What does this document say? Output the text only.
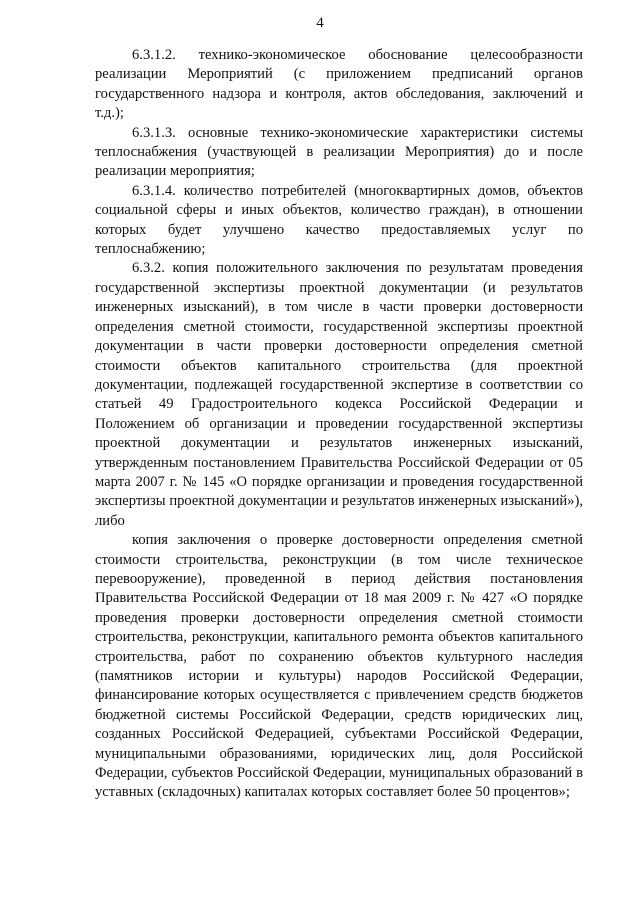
4

6.3.1.2. технико-экономическое обоснование целесообразности реализации Мероприятий (с приложением предписаний органов государственного надзора и контроля, актов обследования, заключений и т.д.);

6.3.1.3. основные технико-экономические характеристики системы теплоснабжения (участвующей в реализации Мероприятия) до и после реализации мероприятия;

6.3.1.4. количество потребителей (многоквартирных домов, объектов социальной сферы и иных объектов, количество граждан), в отношении которых будет улучшено качество предоставляемых услуг по теплоснабжению;

6.3.2. копия положительного заключения по результатам проведения государственной экспертизы проектной документации (и результатов инженерных изысканий), в том числе в части проверки достоверности определения сметной стоимости, государственной экспертизы проектной документации в части проверки достоверности определения сметной стоимости объектов капитального строительства (для проектной документации, подлежащей государственной экспертизе в соответствии со статьей 49 Градостроительного кодекса Российской Федерации и Положением об организации и проведении государственной экспертизы проектной документации и результатов инженерных изысканий, утвержденным постановлением Правительства Российской Федерации от 05 марта 2007 г. № 145 «О порядке организации и проведения государственной экспертизы проектной документации и результатов инженерных изысканий»), либо

копия заключения о проверке достоверности определения сметной стоимости строительства, реконструкции (в том числе техническое перевооружение), проведенной в период действия постановления Правительства Российской Федерации от 18 мая 2009 г. № 427 «О порядке проведения проверки достоверности определения сметной стоимости строительства, реконструкции, капитального ремонта объектов капитального строительства, работ по сохранению объектов культурного наследия (памятников истории и культуры) народов Российской Федерации, финансирование которых осуществляется с привлечением средств бюджетов бюджетной системы Российской Федерации, средств юридических лиц, созданных Российской Федерацией, субъектами Российской Федерации, муниципальными образованиями, юридических лиц, доля Российской Федерации, субъектов Российской Федерации, муниципальных образований в уставных (складочных) капиталах которых составляет более 50 процентов»;
